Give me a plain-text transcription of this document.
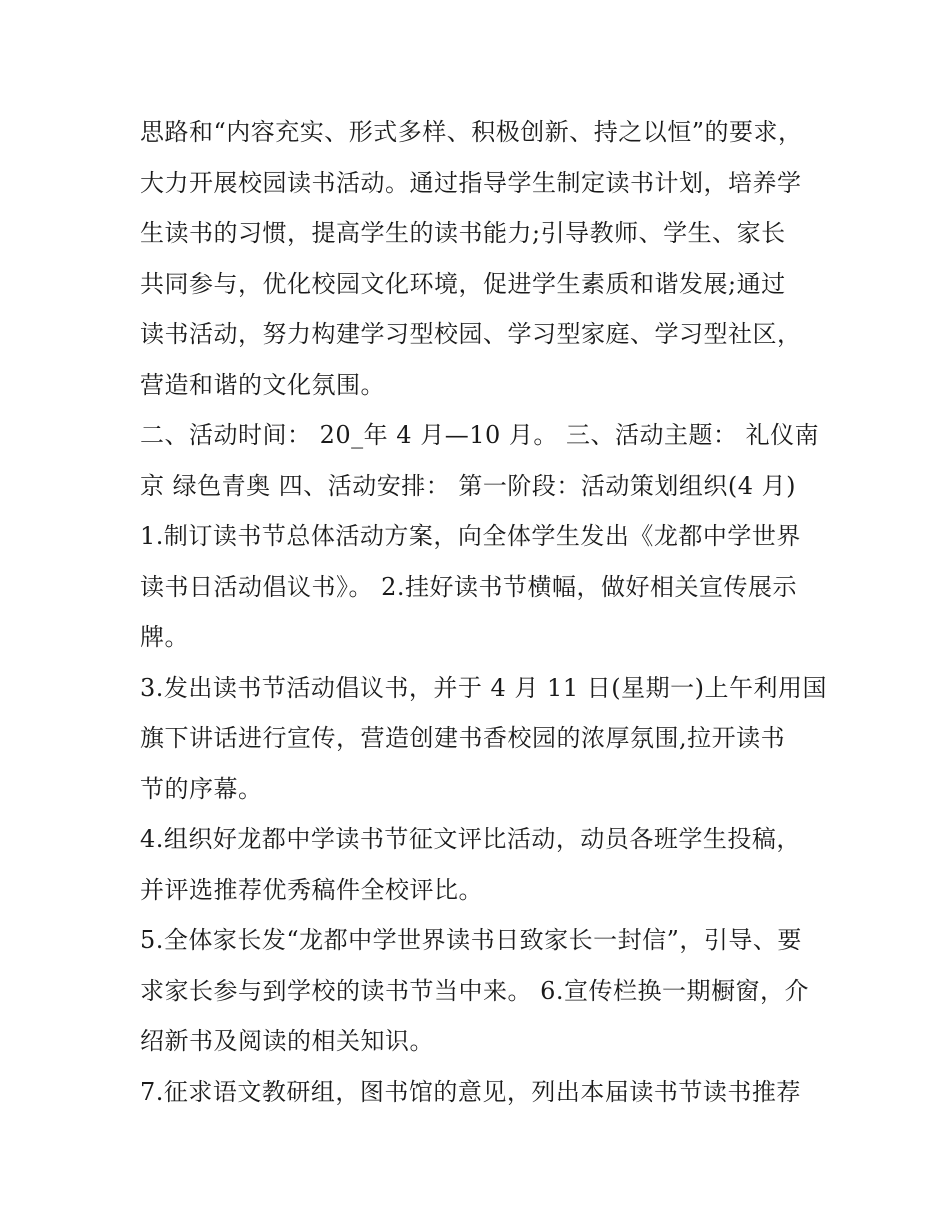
思路和“内容充实、形式多样、积极创新、持之以恒”的要求，
大力开展校园读书活动。通过指导学生制定读书计划，培养学
生读书的习惯，提高学生的读书能力;引导教师、学生、家长
共同参与，优化校园文化环境，促进学生素质和谐发展;通过
读书活动，努力构建学习型校园、学习型家庭、学习型社区，
营造和谐的文化氛围。
二、活动时间： 20_年 4 月—10 月。 三、活动主题： 礼仪南
京 绿色青奥 四、活动安排： 第一阶段：活动策划组织(4 月)
1.制订读书节总体活动方案，向全体学生发出《龙都中学世界
读书日活动倡议书》。 2.挂好读书节横幅，做好相关宣传展示
牌。
3.发出读书节活动倡议书，并于 4 月 11 日(星期一)上午利用国
旗下讲话进行宣传，营造创建书香校园的浓厚氛围,拉开读书
节的序幕。
4.组织好龙都中学读书节征文评比活动，动员各班学生投稿，
并评选推荐优秀稿件全校评比。
5.全体家长发“龙都中学世界读书日致家长一封信”，引导、要
求家长参与到学校的读书节当中来。 6.宣传栏换一期橱窗，介
绍新书及阅读的相关知识。
7.征求语文教研组，图书馆的意见，列出本届读书节读书推荐
